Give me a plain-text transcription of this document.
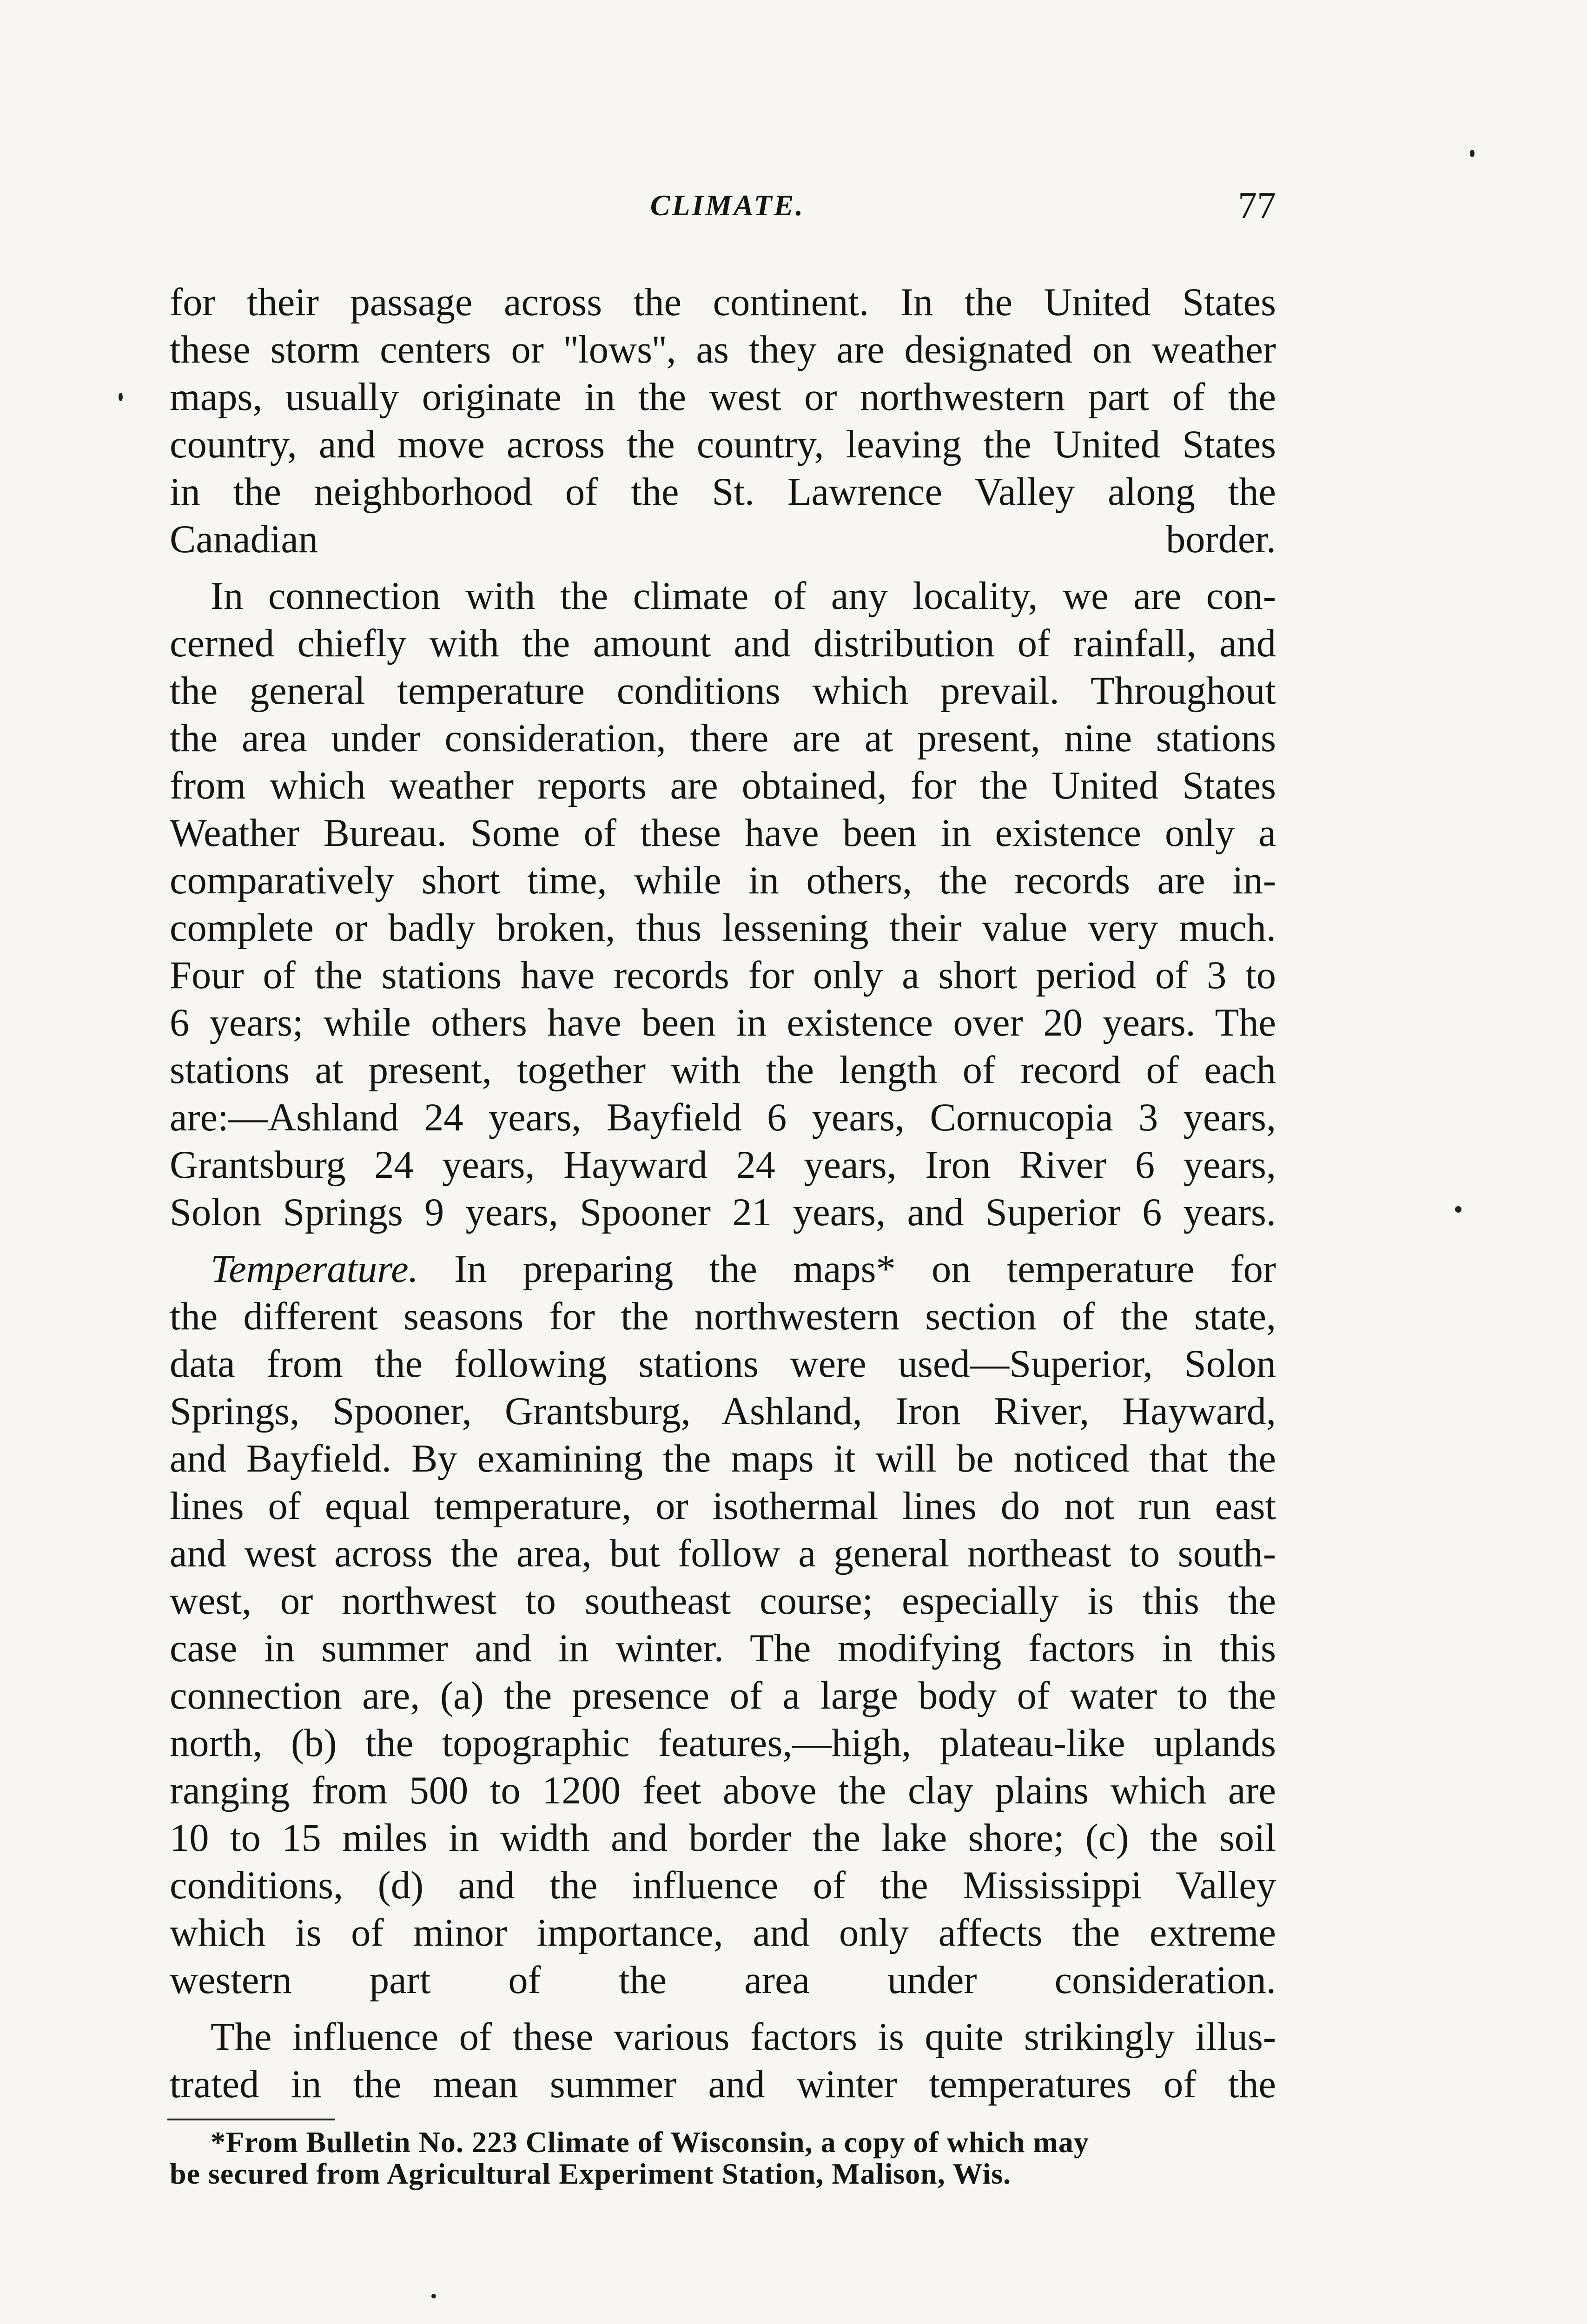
CLIMATE.	77

for their passage across the continent. In the United States
these storm centers or ''lows'', as they are designated on weather
maps, usually originate in the west or northwestern part of the
country, and move across the country, leaving the United States
in the neighborhood of the St. Lawrence Valley along the
Canadian border.

In connection with the climate of any locality, we are con-
cerned chiefly with the amount and distribution of rainfall, and
the general temperature conditions which prevail. Throughout
the area under consideration, there are at present, nine stations
from which weather reports are obtained, for the United States
Weather Bureau. Some of these have been in existence only a
comparatively short time, while in others, the records are in-
complete or badly broken, thus lessening their value very much.
Four of the stations have records for only a short period of 3 to
6 years; while others have been in existence over 20 years. The
stations at present, together with the length of record of each
are:—Ashland 24 years, Bayfield 6 years, Cornucopia 3 years,
Grantsburg 24 years, Hayward 24 years, Iron River 6 years,
Solon Springs 9 years, Spooner 21 years, and Superior 6 years.

Temperature. In preparing the maps* on temperature for
the different seasons for the northwestern section of the state,
data from the following stations were used—Superior, Solon
Springs, Spooner, Grantsburg, Ashland, Iron River, Hayward,
and Bayfield. By examining the maps it will be noticed that the
lines of equal temperature, or isothermal lines do not run east
and west across the area, but follow a general northeast to south-
west, or northwest to southeast course; especially is this the
case in summer and in winter. The modifying factors in this
connection are, (a) the presence of a large body of water to the
north, (b) the topographic features,—high, plateau-like uplands
ranging from 500 to 1200 feet above the clay plains which are
10 to 15 miles in width and border the lake shore; (c) the soil
conditions, (d) and the influence of the Mississippi Valley
which is of minor importance, and only affects the extreme
western part of the area under consideration.

The influence of these various factors is quite strikingly illus-
trated in the mean summer and winter temperatures of the

*From Bulletin No. 223 Climate of Wisconsin, a copy of which may
be secured from Agricultural Experiment Station, Malison, Wis.
